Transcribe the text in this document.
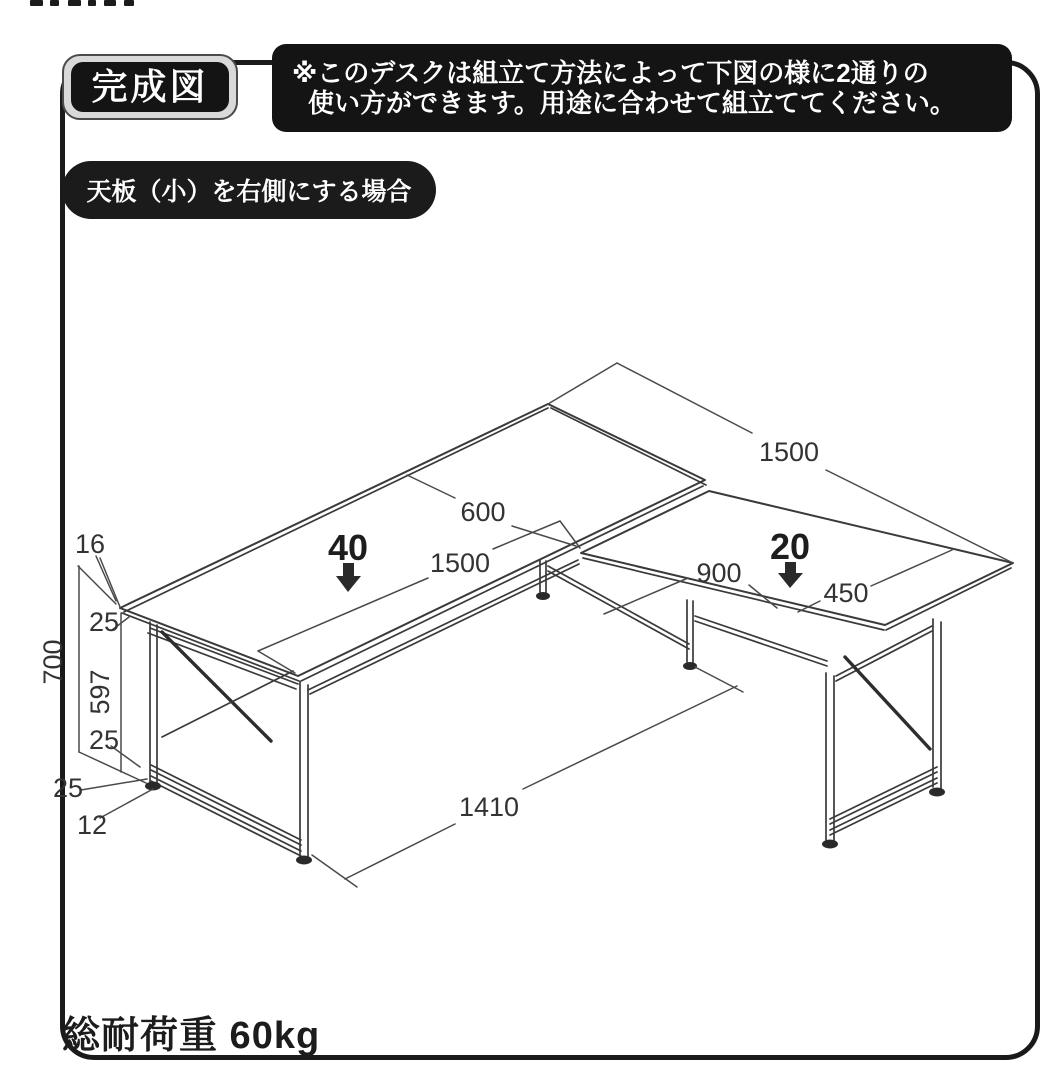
完成図	※このデスクは組立て方法によって下図の様に2通りの
使い方ができます。用途に合わせて組立ててください。
天板（小）を右側にする場合
1500
600
1500	900
450
1410
700
597
16
25
25
25
12
40	20
総耐荷重 60kg
